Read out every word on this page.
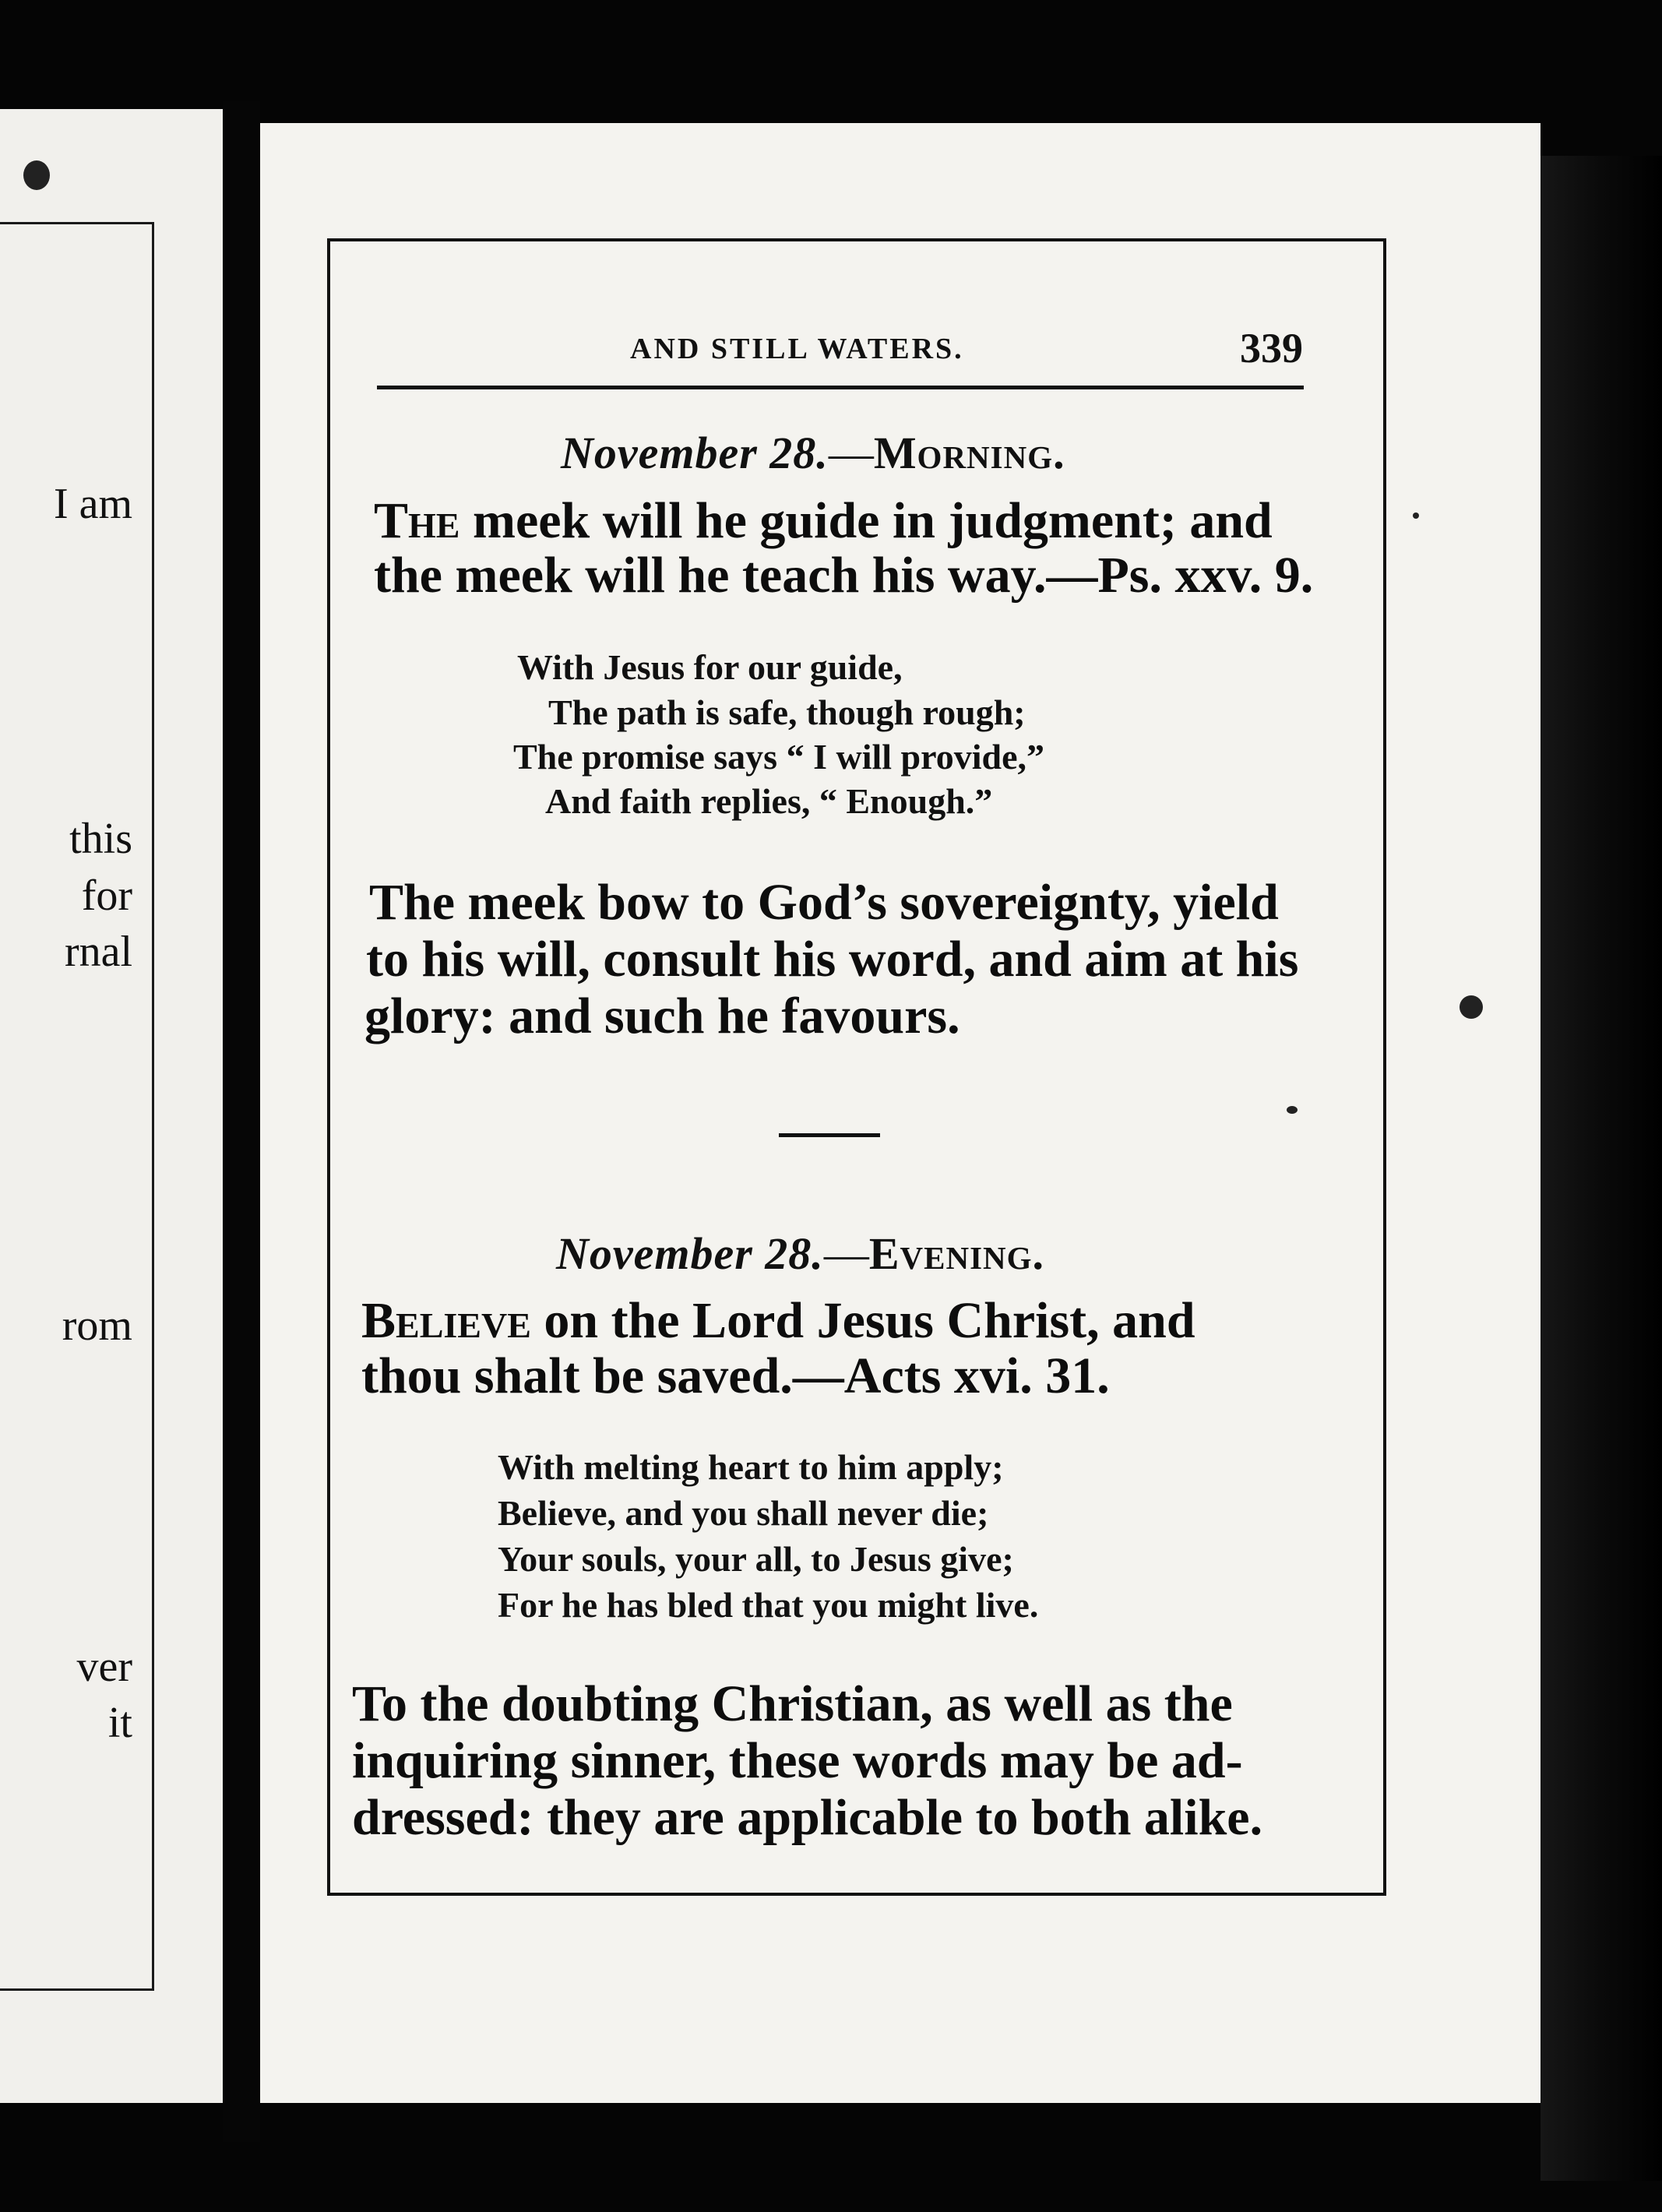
I am
this
for
rnal
rom
ver
it
AND STILL WATERS.	339
November 28.—Morning.
The meek will he guide in judgment; and
the meek will he teach his way.—Ps. xxv. 9.
With Jesus for our guide,
The path is safe, though rough;
The promise says “ I will provide,”
And faith replies, “ Enough.”
The meek bow to God’s sovereignty, yield
to his will, consult his word, and aim at his
glory: and such he favours.
November 28.—Evening.
Believe on the Lord Jesus Christ, and
thou shalt be saved.—Acts xvi. 31.
With melting heart to him apply;
Believe, and you shall never die;
Your souls, your all, to Jesus give;
For he has bled that you might live.
To the doubting Christian, as well as the
inquiring sinner, these words may be ad-
dressed: they are applicable to both alike.
